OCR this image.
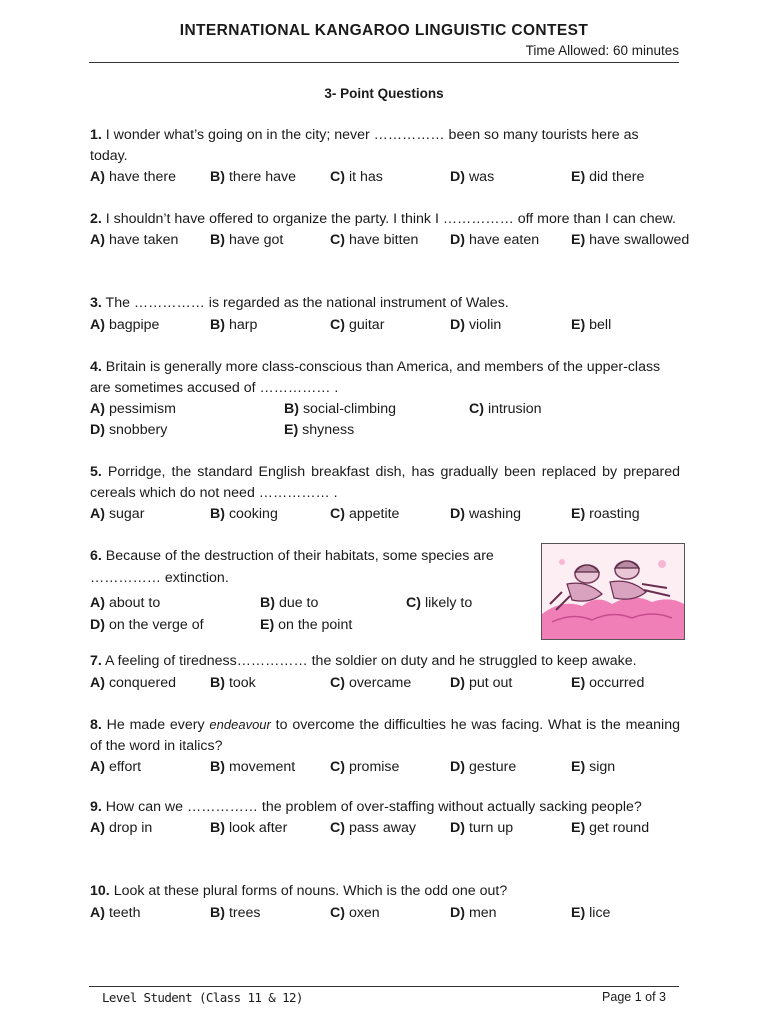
INTERNATIONAL KANGAROO LINGUISTIC CONTEST
Time Allowed: 60 minutes
3- Point Questions

1. I wonder what’s going on in the city; never …………… been so many tourists here as today.

A) have there B) there have C) it has	D) was	E) did there

2. I shouldn’t have offered to organize the party. I think I …………… off more than I can chew.

A) have taken B) have got	C) have bitten D) have eaten E) have swallowed

3. The …………… is regarded as the national instrument of Wales.

A) bagpipe	B) harp	C) guitar	D) violin	E) bell

4. Britain is generally more class-conscious than America, and members of the upper-class are sometimes accused of …………… .

A) pessimism	B) social-climbing	C) intrusion
D) snobbery	E) shyness

5. Porridge, the standard English breakfast dish, has gradually been replaced by prepared cereals which do not need …………… .

A) sugar	B) cooking	C) appetite	D) washing	E) roasting

6. Because of the destruction of their habitats, some species are …………… extinction.

A) about to	B) due to	C) likely to
D) on the verge of	E) on the point

7. A feeling of tiredness…………… the soldier on duty and he struggled to keep awake.

A) conquered B) took	C) overcame	D) put out	E) occurred

8. He made every endeavour to overcome the difficulties he was facing. What is the meaning of the word in italics?

A) effort	B) movement C) promise	D) gesture	E) sign

9. How can we …………… the problem of over-staffing without actually sacking people?

A) drop in	B) look after	C) pass away D) turn up	E) get round

10. Look at these plural forms of nouns. Which is the odd one out?

A) teeth	B) trees	C) oxen	D) men	E) lice
Level Student (Class 11 & 12)	Page 1 of 3
